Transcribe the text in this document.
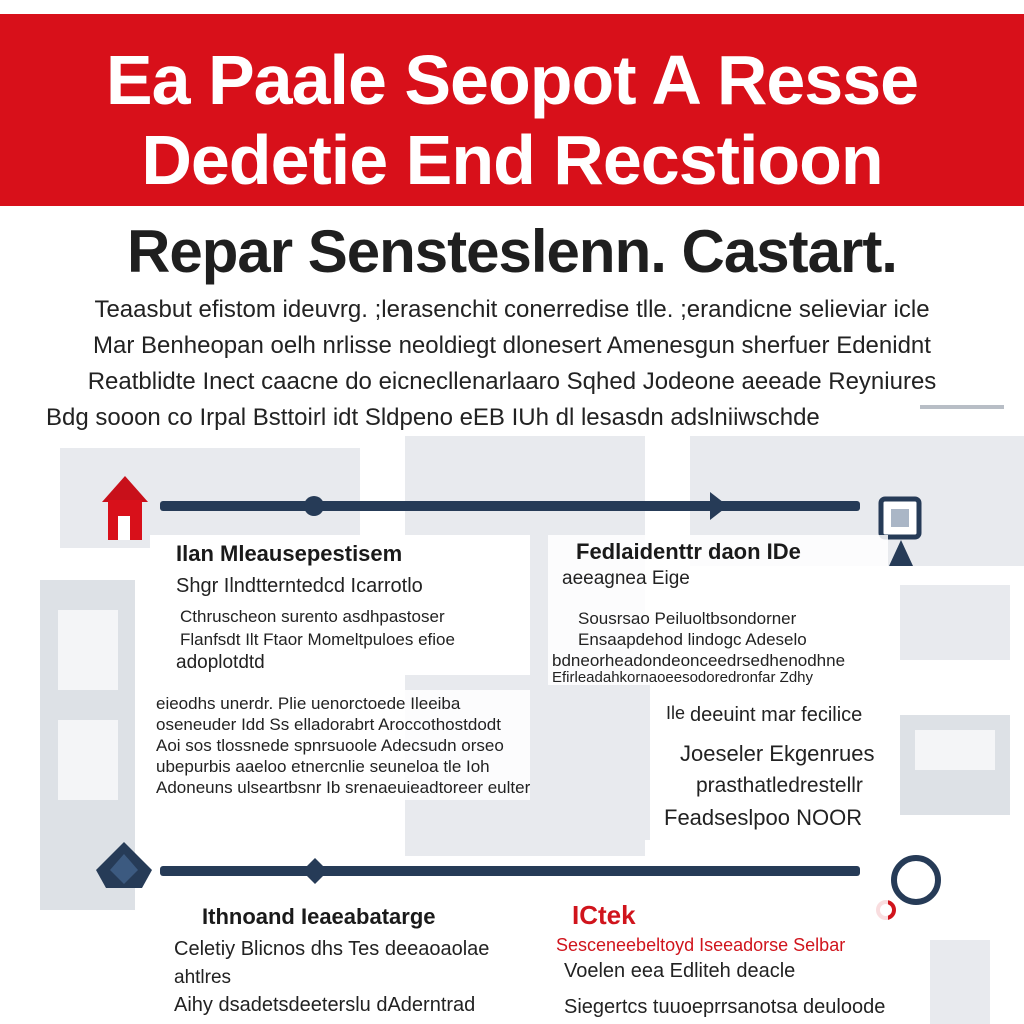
Ea Paale Seopot A Resse
Dedetie End Recstioon
Repar Sensteslenn. Castart.
Teaasbut efistom ideuvrg. ;lerasenchit conerredise tlle. ;erandicne selieviar icle
Mar Benheopan oelh nrlisse neoldiegt dlonesert Amenesgun sherfuer Edenidnt
Reatblidte Inect caacne do eicnecllenarlaaro Sqhed Jodeone aeeade Reyniures
Bdg sooon co Irpal Bsttoirl idt Sldpeno eEB IUh dl lesasdn adslniiwschde
Ilan Mleausepestisem
Shgr Ilndtterntedcd Icarrotlo
Cthruscheon surento asdhpastoser
Flanfsdt Ilt Ftaor Momeltpuloes efioe
adoplotdtd
eieodhs unerdr. Plie uenorctoede Ileeiba
oseneuder Idd Ss elladorabrt Aroccothostdodt
Aoi sos tlossnede spnrsuoole Adecsudn orseo
ubepurbis aaeloo etnercnlie seuneloa tle Ioh
Adoneuns ulseartbsnr Ib srenaeuieadtoreer eulter
Fedlaidenttr daon IDe
aeeagnea Eige
Sousrsao Peiluoltbsondorner
Ensaapdehod lindogc Adeselo
bdneorheadondeonceedrsedhenodhne
Efirleadahkornaoeesodoredronfar Zdhy
Ile deeuint mar fecilice
Joeseler Ekgenrues
prasthatledrestellr
Feadseslpoo NOOR
Ithnoand Ieaeabatarge
Celetiy Blicnos dhs Tes deeaoaolae
ahtlres
Aihy dsadetsdeeterslu dAderntrad
ICtek
Sesceneebeltoyd Iseeadorse Selbar
Voelen eea Edliteh deacle
Siegertcs tuuoeprrsanotsa deuloode
